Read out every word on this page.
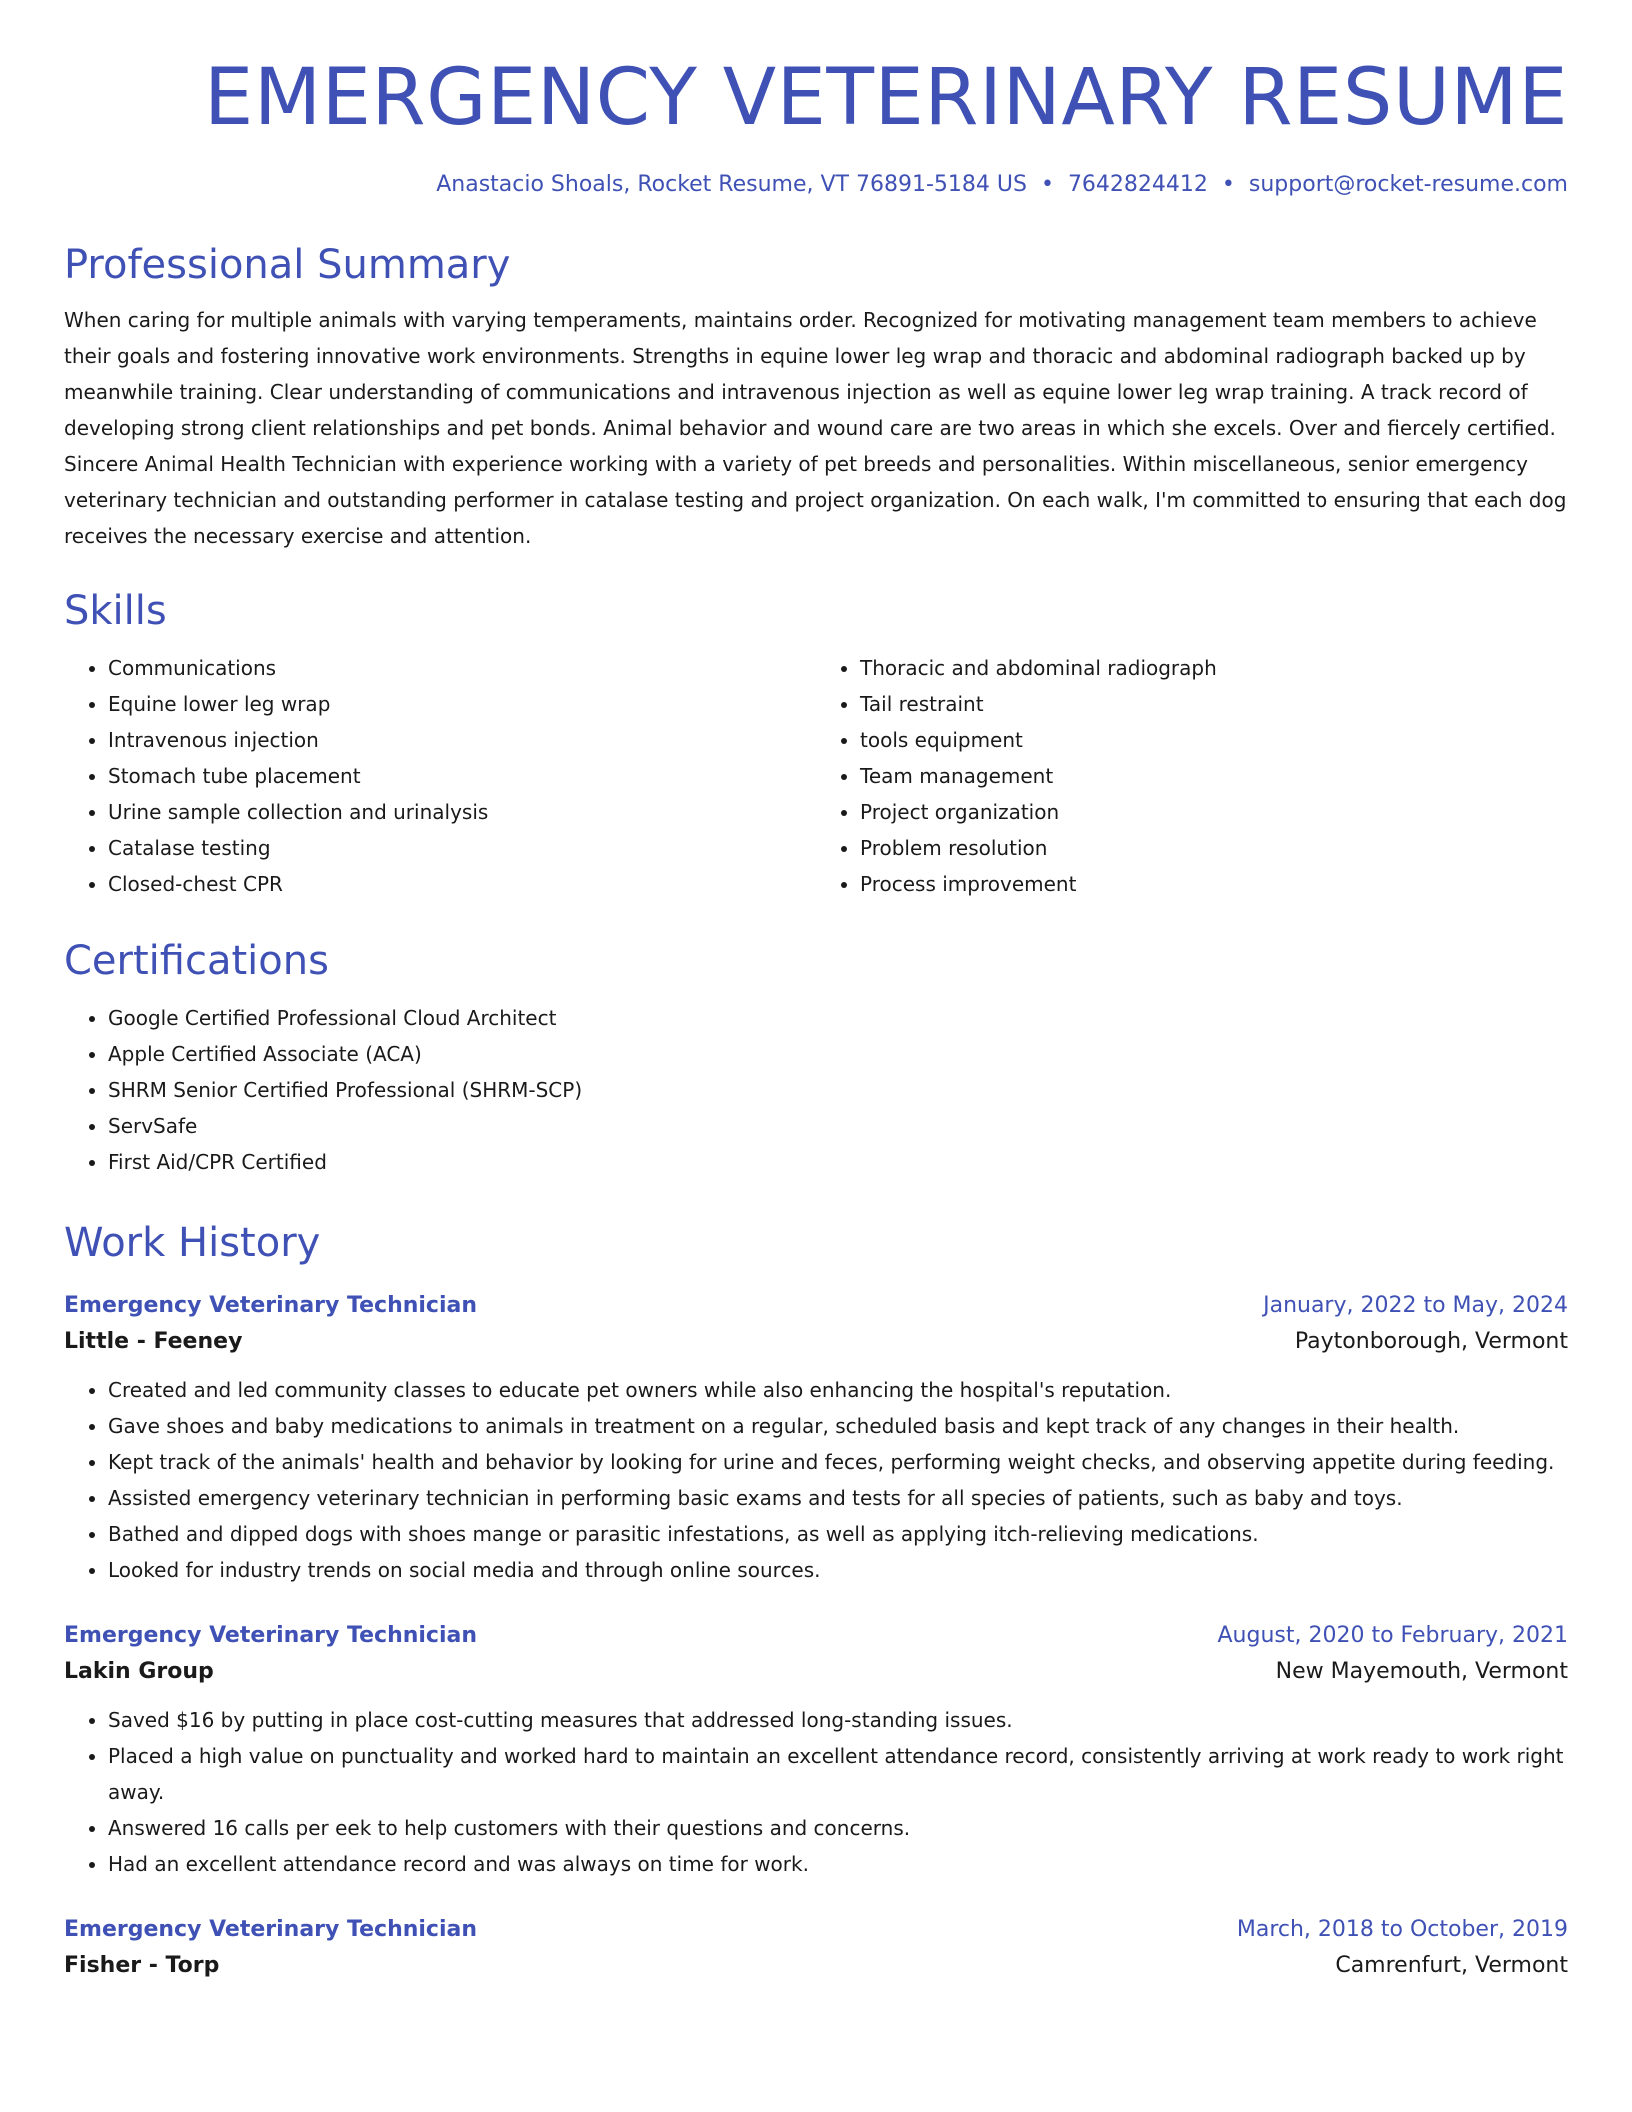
EMERGENCY VETERINARY RESUME
Anastacio Shoals, Rocket Resume, VT 76891-5184 US • 7642824412 • support@rocket-resume.com
Professional Summary
When caring for multiple animals with varying temperaments, maintains order. Recognized for motivating management team members to achieve their goals and fostering innovative work environments. Strengths in equine lower leg wrap and thoracic and abdominal radiograph backed up by meanwhile training. Clear understanding of communications and intravenous injection as well as equine lower leg wrap training. A track record of developing strong client relationships and pet bonds. Animal behavior and wound care are two areas in which she excels. Over and fiercely certified. Sincere Animal Health Technician with experience working with a variety of pet breeds and personalities. Within miscellaneous, senior emergency veterinary technician and outstanding performer in catalase testing and project organization. On each walk, I'm committed to ensuring that each dog receives the necessary exercise and attention.
Skills
• Communications
• Equine lower leg wrap
• Intravenous injection
• Stomach tube placement
• Urine sample collection and urinalysis
• Catalase testing
• Closed-chest CPR
• Thoracic and abdominal radiograph
• Tail restraint
• tools equipment
• Team management
• Project organization
• Problem resolution
• Process improvement
Certifications
• Google Certified Professional Cloud Architect
• Apple Certified Associate (ACA)
• SHRM Senior Certified Professional (SHRM-SCP)
• ServSafe
• First Aid/CPR Certified
Work History
Emergency Veterinary Technician	January, 2022 to May, 2024
Little - Feeney	Paytonborough, Vermont
• Created and led community classes to educate pet owners while also enhancing the hospital's reputation.
• Gave shoes and baby medications to animals in treatment on a regular, scheduled basis and kept track of any changes in their health.
• Kept track of the animals' health and behavior by looking for urine and feces, performing weight checks, and observing appetite during feeding.
• Assisted emergency veterinary technician in performing basic exams and tests for all species of patients, such as baby and toys.
• Bathed and dipped dogs with shoes mange or parasitic infestations, as well as applying itch-relieving medications.
• Looked for industry trends on social media and through online sources.
Emergency Veterinary Technician	August, 2020 to February, 2021
Lakin Group	New Mayemouth, Vermont
• Saved $16 by putting in place cost-cutting measures that addressed long-standing issues.
• Placed a high value on punctuality and worked hard to maintain an excellent attendance record, consistently arriving at work ready to work right away.
• Answered 16 calls per eek to help customers with their questions and concerns.
• Had an excellent attendance record and was always on time for work.
Emergency Veterinary Technician	March, 2018 to October, 2019
Fisher - Torp	Camrenfurt, Vermont
